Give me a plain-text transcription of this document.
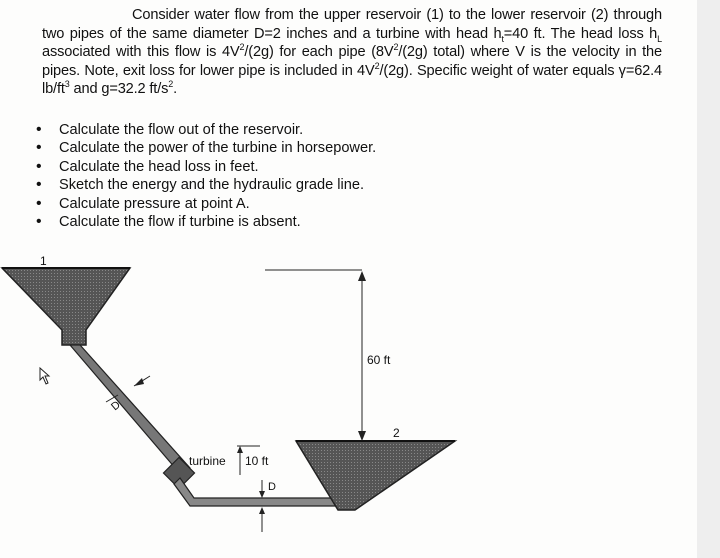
Consider water flow from the upper reservoir (1) to the lower reservoir (2) through two pipes of the same diameter D=2 inches and a turbine with head $h_t=40$ ft. The head loss $h_L$ associated with this flow is $4V^2/(2g)$ for each pipe ($8V^2/(2g)$ total) where V is the velocity in the pipes. Note, exit loss for lower pipe is included in $4V^2/(2g)$. Specific weight of water equals γ=62.4 $lb/ft^3$ and g=32.2 $ft/s^2$.
• Calculate the flow out of the reservoir.
• Calculate the power of the turbine in horsepower.
• Calculate the head loss in feet.
• Sketch the energy and the hydraulic grade line.
• Calculate pressure at point A.
• Calculate the flow if turbine is absent.
1
60 ft
2
turbine 10 ft
D
D
